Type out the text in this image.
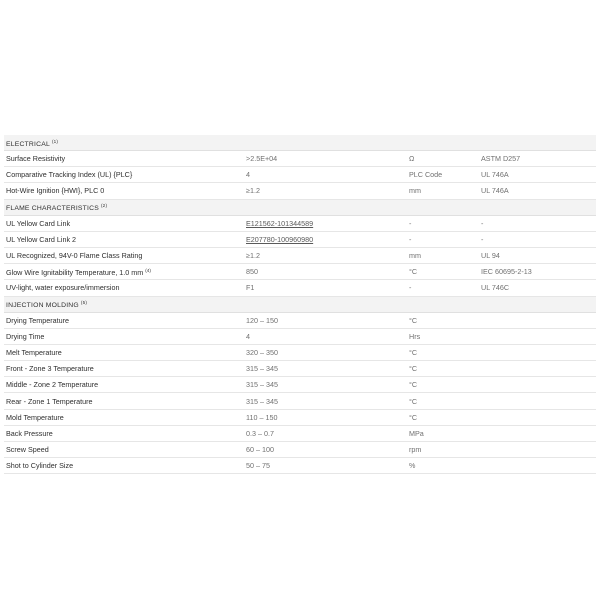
ELECTRICAL $^{(1)}$
Surface Resistivity	>2.5E+04	Ω	ASTM D257
Comparative Tracking Index (UL) {PLC}	4	PLC Code	UL 746A
Hot-Wire Ignition {HWI}, PLC 0	≥1.2	mm	UL 746A
FLAME CHARACTERISTICS $^{(2)}$
UL Yellow Card Link	E121562-101344589	-	-
UL Yellow Card Link 2	E207780-100960980	-	-
UL Recognized, 94V-0 Flame Class Rating	≥1.2	mm	UL 94
Glow Wire Ignitability Temperature, 1.0 mm $^{(4)}$	850	°C	IEC 60695-2-13
UV-light, water exposure/immersion	F1	-	UL 746C
INJECTION MOLDING $^{(5)}$
Drying Temperature	120 – 150	°C
Drying Time	4	Hrs
Melt Temperature	320 – 350	°C
Front - Zone 3 Temperature	315 – 345	°C
Middle - Zone 2 Temperature	315 – 345	°C
Rear - Zone 1 Temperature	315 – 345	°C
Mold Temperature	110 – 150	°C
Back Pressure	0.3 – 0.7	MPa
Screw Speed	60 – 100	rpm
Shot to Cylinder Size	50 – 75	%
